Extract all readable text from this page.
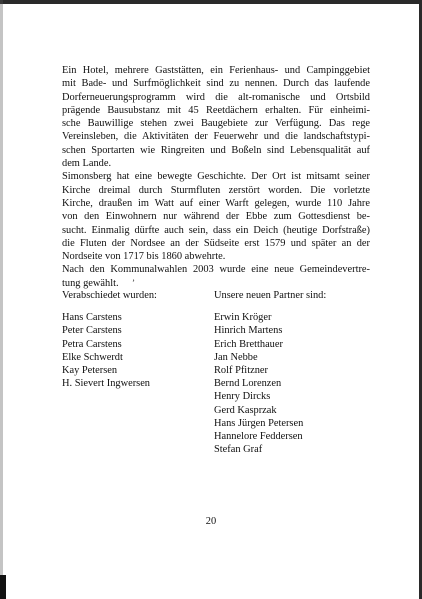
Ein Hotel, mehrere Gaststätten, ein Ferienhaus- und Campinggebiet
mit Bade- und Surfmöglichkeit sind zu nennen. Durch das laufende
Dorferneuerungsprogramm wird die alt-romanische und Ortsbild
prägende Bausubstanz mit 45 Reetdächern erhalten. Für einheimi-
sche Bauwillige stehen zwei Baugebiete zur Verfügung. Das rege
Vereinsleben, die Aktivitäten der Feuerwehr und die landschaftstypi-
schen Sportarten wie Ringreiten und Boßeln sind Lebensqualität auf
dem Lande.

Simonsberg hat eine bewegte Geschichte. Der Ort ist mitsamt seiner
Kirche dreimal durch Sturmfluten zerstört worden. Die vorletzte
Kirche, draußen im Watt auf einer Warft gelegen, wurde 110 Jahre
von den Einwohnern nur während der Ebbe zum Gottesdienst be-
sucht. Einmalig dürfte auch sein, dass ein Deich (heutige Dorfstraße)
die Fluten der Nordsee an der Südseite erst 1579 und später an der
Nordseite von 1717 bis 1860 abwehrte.

Nach den Kommunalwahlen 2003 wurde eine neue Gemeindevertre-
tung gewählt.	ʼ
Verabschiedet wurden:
Hans Carstens
Peter Carstens
Petra Carstens
Elke Schwerdt
Kay Petersen
H. Sievert Ingwersen
Unsere neuen Partner sind:
Erwin Kröger
Hinrich Martens
Erich Bretthauer
Jan Nebbe
Rolf Pfitzner
Bernd Lorenzen
Henry Dircks
Gerd Kasprzak
Hans Jürgen Petersen
Hannelore Feddersen
Stefan Graf
20
